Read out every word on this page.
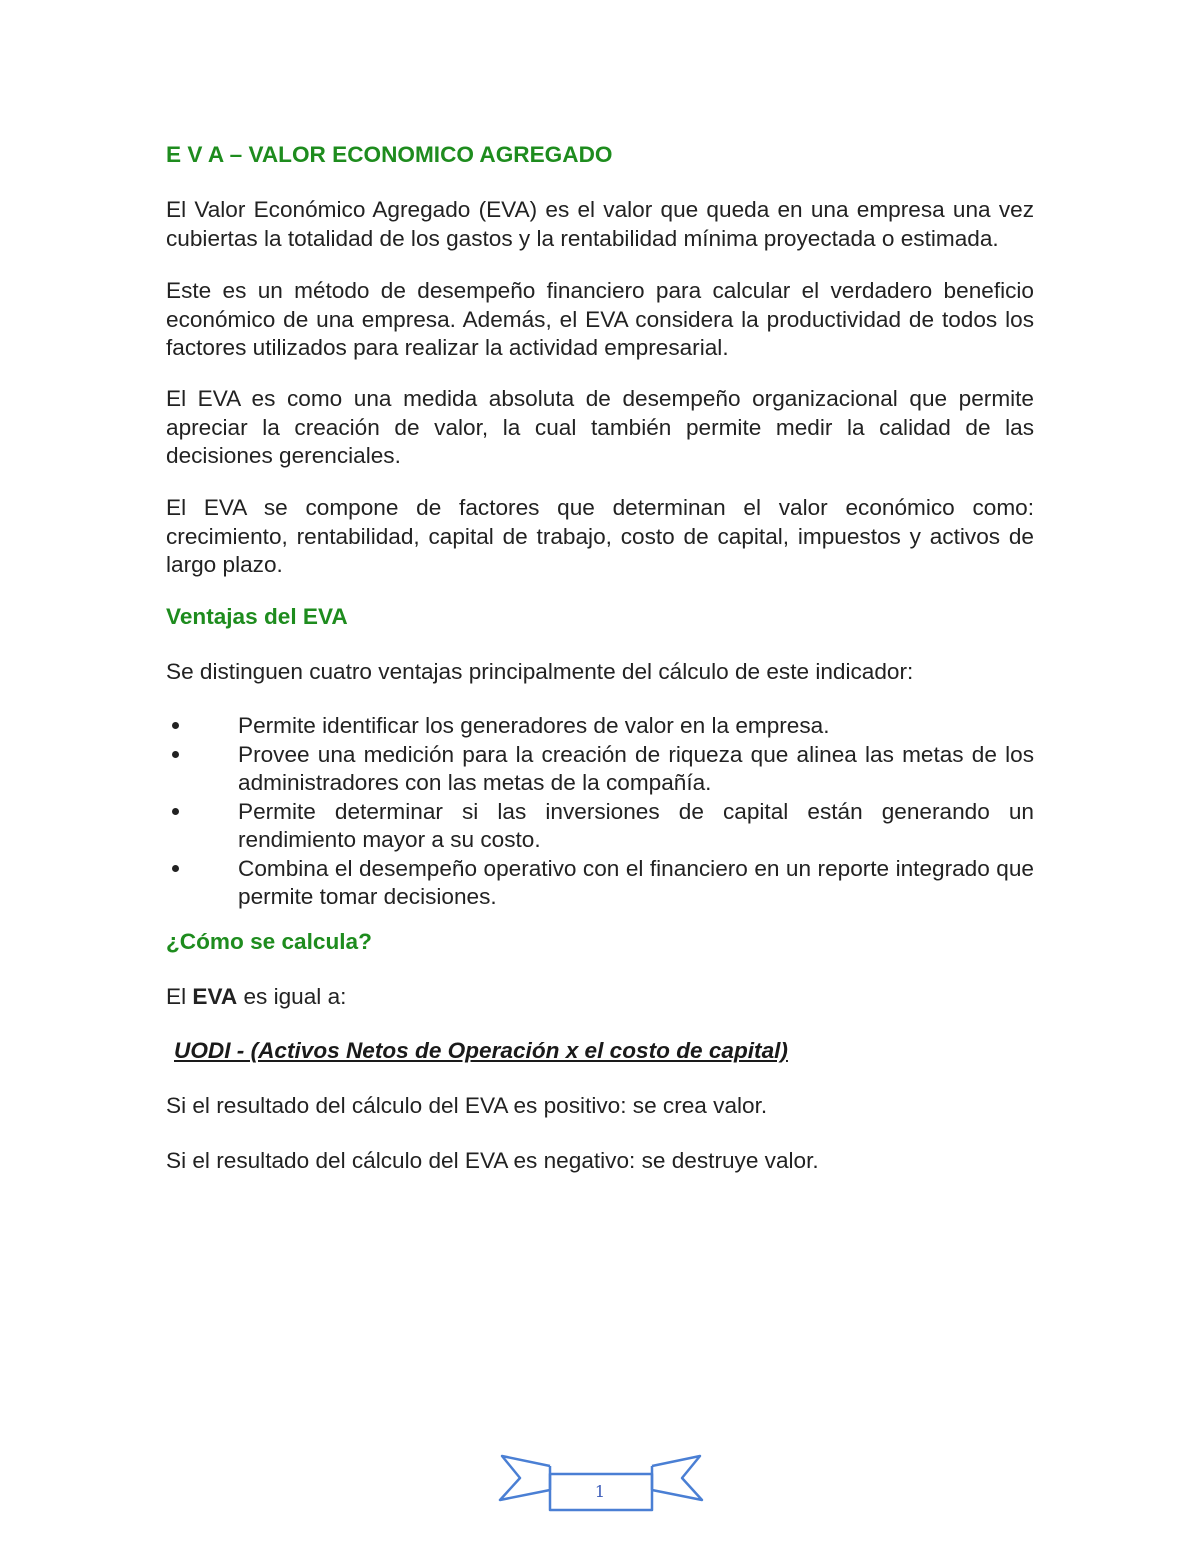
E V A – VALOR ECONOMICO AGREGADO

El Valor Económico Agregado (EVA) es el valor que queda en una empresa una vez cubiertas la totalidad de los gastos y la rentabilidad mínima proyectada o estimada.

Este es un método de desempeño financiero para calcular el verdadero beneficio económico de una empresa. Además, el EVA considera la productividad de todos los factores utilizados para realizar la actividad empresarial.

El EVA es como una medida absoluta de desempeño organizacional que permite apreciar la creación de valor, la cual también permite medir la calidad de las decisiones gerenciales.

El EVA se compone de factores que determinan el valor económico como: crecimiento, rentabilidad, capital de trabajo, costo de capital, impuestos y activos de largo plazo.

Ventajas del EVA

Se distinguen cuatro ventajas principalmente del cálculo de este indicador:

Permite identificar los generadores de valor en la empresa.
Provee una medición para la creación de riqueza que alinea las metas de los administradores con las metas de la compañía.
Permite determinar si las inversiones de capital están generando un rendimiento mayor a su costo.
Combina el desempeño operativo con el financiero en un reporte integrado que permite tomar decisiones.
¿Cómo se calcula?

El EVA es igual a:

UODI - (Activos Netos de Operación x el costo de capital)

Si el resultado del cálculo del EVA es positivo: se crea valor.

Si el resultado del cálculo del EVA es negativo: se destruye valor.

1
